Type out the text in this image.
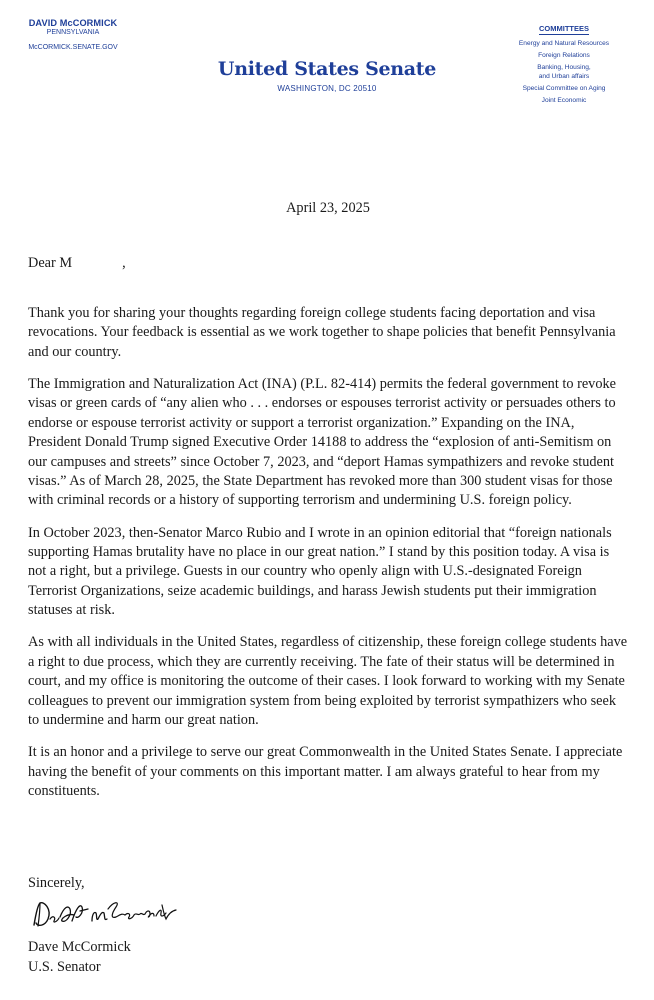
DAVID McCORMICK
PENNSYLVANIA
McCORMICK.SENATE.GOV
United States Senate
WASHINGTON, DC 20510
COMMITTEES
Energy and Natural Resources
Foreign Relations
Banking, Housing,
and Urban affairs
Special Committee on Aging
Joint Economic
April 23, 2025
Dear M              ,

Thank you for sharing your thoughts regarding foreign college students facing deportation and visa revocations. Your feedback is essential as we work together to shape policies that benefit Pennsylvania and our country.

The Immigration and Naturalization Act (INA) (P.L. 82-414) permits the federal government to revoke visas or green cards of “any alien who . . . endorses or espouses terrorist activity or persuades others to endorse or espouse terrorist activity or support a terrorist organization.” Expanding on the INA, President Donald Trump signed Executive Order 14188 to address the “explosion of anti-Semitism on our campuses and streets” since October 7, 2023, and “deport Hamas sympathizers and revoke student visas.” As of March 28, 2025, the State Department has revoked more than 300 student visas for those with criminal records or a history of supporting terrorism and undermining U.S. foreign policy.

In October 2023, then-Senator Marco Rubio and I wrote in an opinion editorial that “foreign nationals supporting Hamas brutality have no place in our great nation.” I stand by this position today. A visa is not a right, but a privilege. Guests in our country who openly align with U.S.-designated Foreign Terrorist Organizations, seize academic buildings, and harass Jewish students put their immigration statuses at risk.

As with all individuals in the United States, regardless of citizenship, these foreign college students have a right to due process, which they are currently receiving. The fate of their status will be determined in court, and my office is monitoring the outcome of their cases. I look forward to working with my Senate colleagues to prevent our immigration system from being exploited by terrorist sympathizers who seek to undermine and harm our great nation.

It is an honor and a privilege to serve our great Commonwealth in the United States Senate. I appreciate having the benefit of your comments on this important matter. I am always grateful to hear from my constituents.

Sincerely,
Dave McCormick
U.S. Senator
